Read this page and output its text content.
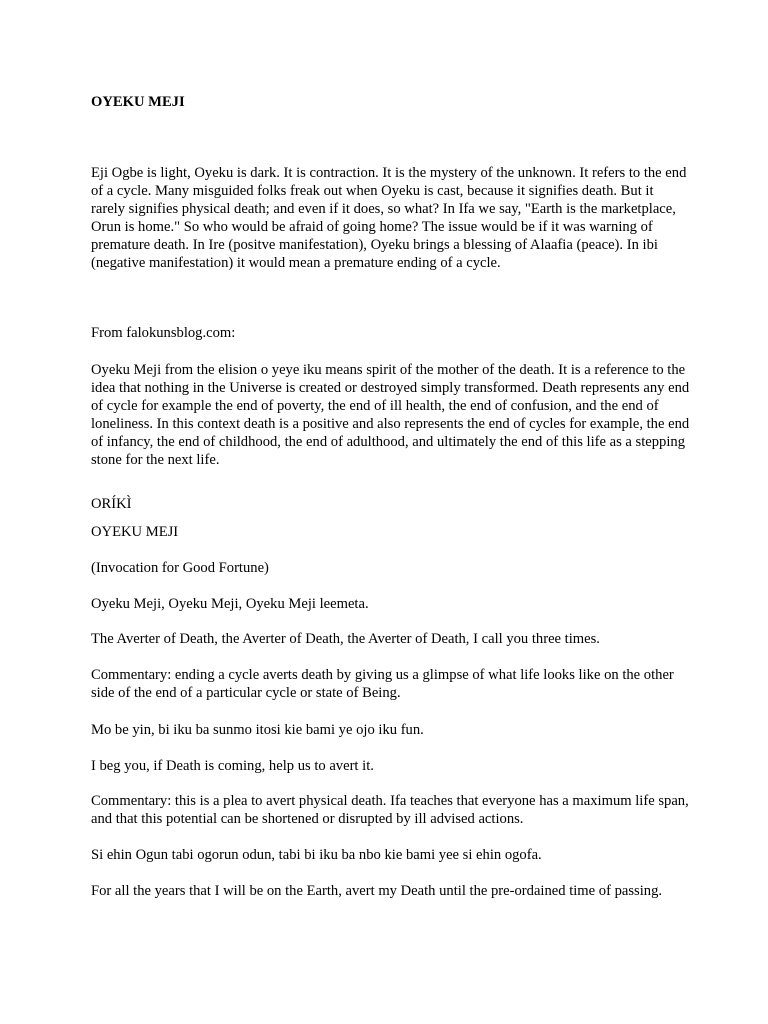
OYEKU MEJI

Eji Ogbe is light, Oyeku is dark. It is contraction. It is the mystery of the unknown. It refers to the end of a cycle. Many misguided folks freak out when Oyeku is cast, because it signifies death. But it rarely signifies physical death; and even if it does, so what? In Ifa we say, "Earth is the marketplace, Orun is home." So who would be afraid of going home? The issue would be if it was warning of premature death. In Ire (positve manifestation), Oyeku brings a blessing of Alaafia (peace). In ibi (negative manifestation) it would mean a premature ending of a cycle.

From falokunsblog.com:

Oyeku Meji from the elision o yeye iku means spirit of the mother of the death. It is a reference to the idea that nothing in the Universe is created or destroyed simply transformed. Death represents any end of cycle for example the end of poverty, the end of ill health, the end of confusion, and the end of loneliness. In this context death is a positive and also represents the end of cycles for example, the end of infancy, the end of childhood, the end of adulthood, and ultimately the end of this life as a stepping stone for the next life.

ORÍKÌ

OYEKU MEJI

(Invocation for Good Fortune)

Oyeku Meji, Oyeku Meji, Oyeku Meji leemeta.

The Averter of Death, the Averter of Death, the Averter of Death, I call you three times.

Commentary: ending a cycle averts death by giving us a glimpse of what life looks like on the other side of the end of a particular cycle or state of Being.

Mo be yin, bi iku ba sunmo itosi kie bami ye ojo iku fun.

I beg you, if Death is coming, help us to avert it.

Commentary: this is a plea to avert physical death. Ifa teaches that everyone has a maximum life span, and that this potential can be shortened or disrupted by ill advised actions.

Si ehin Ogun tabi ogorun odun, tabi bi iku ba nbo kie bami yee si ehin ogofa.

For all the years that I will be on the Earth, avert my Death until the pre-ordained time of passing.
